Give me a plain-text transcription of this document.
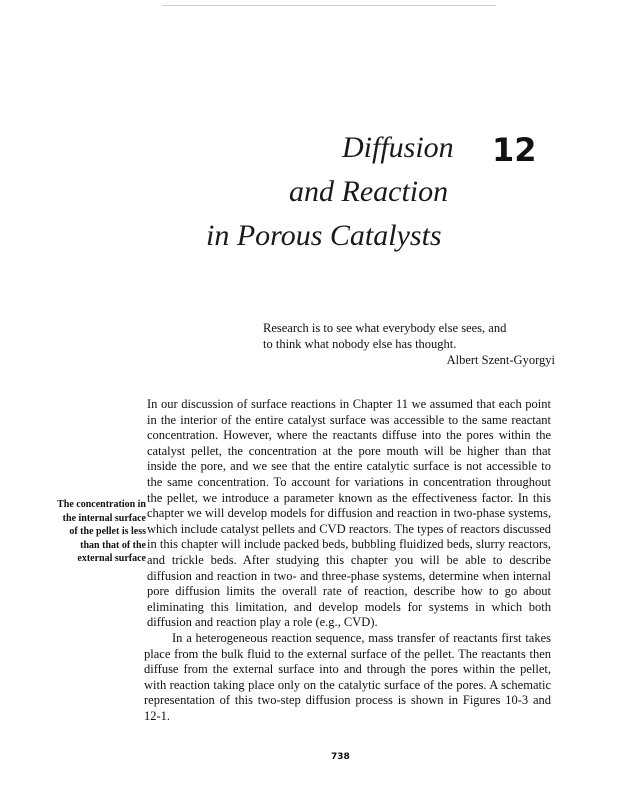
Diffusion
and Reaction
in Porous Catalysts
12
Research is to see what everybody else sees, and
to think what nobody else has thought.
Albert Szent-Gyorgyi
The concentration in
the internal surface
of the pellet is less
than that of the
external surface

In our discussion of surface reactions in Chapter 11 we assumed that each point in the interior of the entire catalyst surface was accessible to the same reactant concentration. However, where the reactants diffuse into the pores within the catalyst pellet, the concentration at the pore mouth will be higher than that inside the pore, and we see that the entire catalytic surface is not accessible to the same concentration. To account for variations in concentration throughout the pellet, we introduce a parameter known as the effectiveness factor. In this chapter we will develop models for diffusion and reaction in two-phase systems, which include catalyst pellets and CVD reactors. The types of reactors discussed in this chapter will include packed beds, bubbling fluidized beds, slurry reactors, and trickle beds. After studying this chapter you will be able to describe diffusion and reaction in two- and three-phase systems, determine when internal pore diffusion limits the overall rate of reaction, describe how to go about eliminating this limitation, and develop models for systems in which both diffusion and reaction play a role (e.g., CVD).

In a heterogeneous reaction sequence, mass transfer of reactants first takes place from the bulk fluid to the external surface of the pellet. The reactants then diffuse from the external surface into and through the pores within the pellet, with reaction taking place only on the catalytic surface of the pores. A schematic representation of this two-step diffusion process is shown in Figures 10-3 and 12-1.

738
